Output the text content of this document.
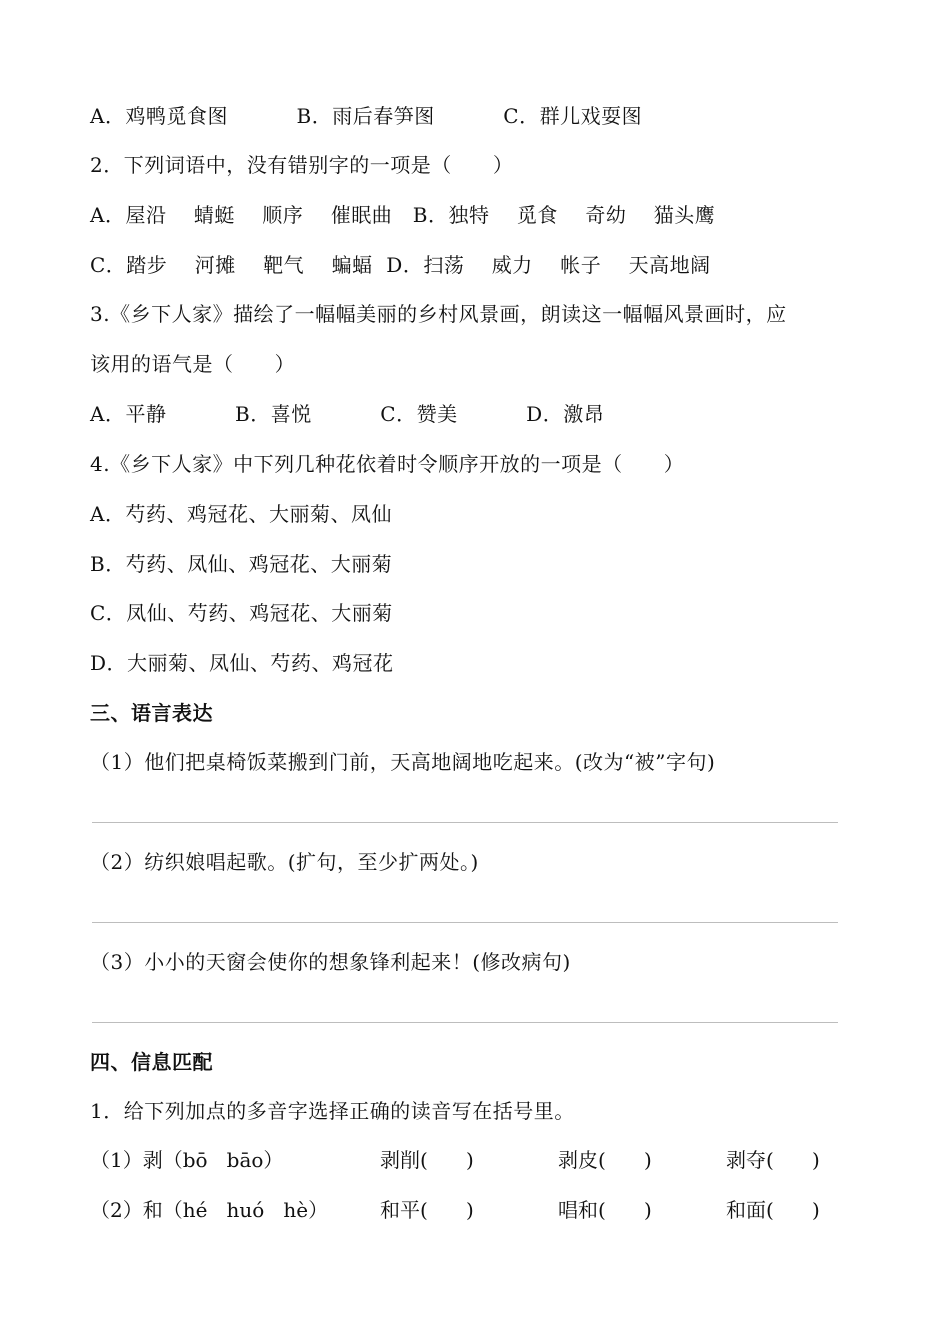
A．鸡鸭觅食图          B．雨后春笋图          C．群儿戏耍图
2．下列词语中，没有错别字的一项是（      ）
A．屋沿    蜻蜓    顺序    催眠曲   B．独特    觅食    奇幼    猫头鹰
C．踏步    河摊    靶气    蝙蝠  D．扫荡    威力    帐子    天高地阔
3.《乡下人家》描绘了一幅幅美丽的乡村风景画，朗读这一幅幅风景画时，应
该用的语气是（      ）
A．平静          B．喜悦          C．赞美          D．激昂
4.《乡下人家》中下列几种花依着时令顺序开放的一项是（      ）
A．芍药、鸡冠花、大丽菊、凤仙
B．芍药、凤仙、鸡冠花、大丽菊
C．凤仙、芍药、鸡冠花、大丽菊
D．大丽菊、凤仙、芍药、鸡冠花
三、语言表达
（1）他们把桌椅饭菜搬到门前，天高地阔地吃起来。(改为“被”字句)
（2）纺织娘唱起歌。(扩句，至少扩两处。)
（3）小小的天窗会使你的想象锋利起来！(修改病句)
四、信息匹配
1．给下列加点的多音字选择正确的读音写在括号里。
（1）剥（bō   bāo）	剥削(      )	剥皮(      )	剥夺(      )
（2）和（hé   huó   hè）	和平(      )	唱和(      )	和面(      )
